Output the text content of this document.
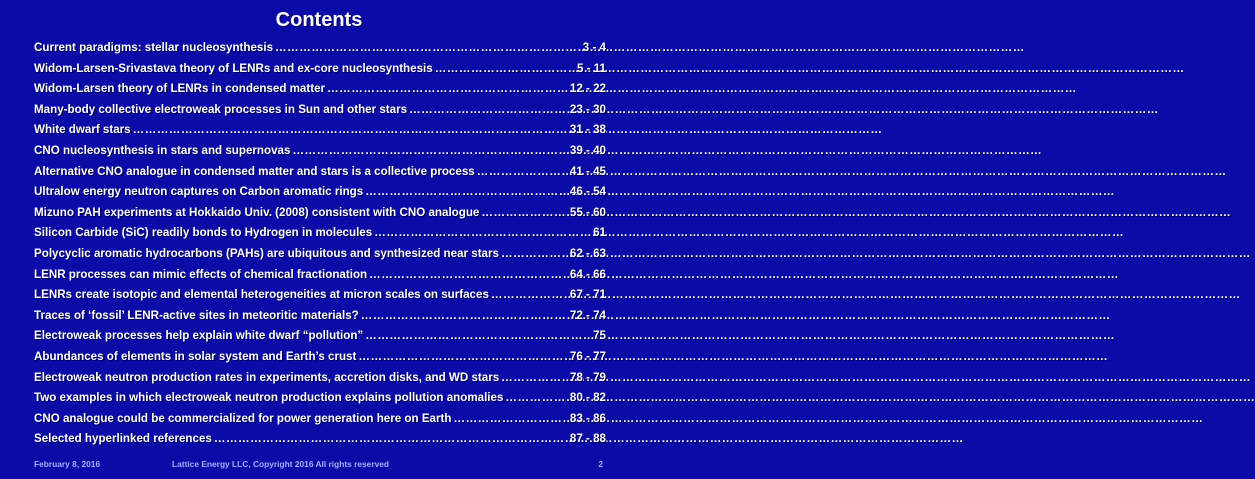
Contents
Current paradigms: stellar nucleosynthesis ……………………………………………………………………………………………………………………………………………………………………	3 - 4
Widom-Larsen-Srivastava theory of LENRs and ex-core nucleosynthesis ……………………………………………………………………………………………………………………………………………………………………	5 - 11
Widom-Larsen theory of LENRs in condensed matter ……………………………………………………………………………………………………………………………………………………………………	12 - 22
Many-body collective electroweak processes in Sun and other stars ……………………………………………………………………………………………………………………………………………………………………	23 - 30
White dwarf stars ……………………………………………………………………………………………………………………………………………………………………	31 - 38
CNO nucleosynthesis in stars and supernovas ……………………………………………………………………………………………………………………………………………………………………	39 - 40
Alternative CNO analogue in condensed matter and stars is a collective process ……………………………………………………………………………………………………………………………………………………………………	41 - 45
Ultralow energy neutron captures on Carbon aromatic rings ……………………………………………………………………………………………………………………………………………………………………	46 - 54
Mizuno PAH experiments at Hokkaido Univ. (2008) consistent with CNO analogue ……………………………………………………………………………………………………………………………………………………………………	55 - 60
Silicon Carbide (SiC) readily bonds to Hydrogen in molecules ……………………………………………………………………………………………………………………………………………………………………	61
Polycyclic aromatic hydrocarbons (PAHs) are ubiquitous and synthesized near stars ……………………………………………………………………………………………………………………………………………………………………	62 - 63
LENR processes can mimic effects of chemical fractionation ……………………………………………………………………………………………………………………………………………………………………	64 - 66
LENRs create isotopic and elemental heterogeneities at micron scales on surfaces ……………………………………………………………………………………………………………………………………………………………………	67 - 71
Traces of ‘fossil’ LENR-active sites in meteoritic materials? ……………………………………………………………………………………………………………………………………………………………………	72 - 74
Electroweak processes help explain white dwarf “pollution” ……………………………………………………………………………………………………………………………………………………………………	75
Abundances of elements in solar system and Earth’s crust ……………………………………………………………………………………………………………………………………………………………………	76 - 77
Electroweak neutron production rates in experiments, accretion disks, and WD stars ……………………………………………………………………………………………………………………………………………………………………	78 - 79
Two examples in which electroweak neutron production explains pollution anomalies ……………………………………………………………………………………………………………………………………………………………………	80 - 82
CNO analogue could be commercialized for power generation here on Earth ……………………………………………………………………………………………………………………………………………………………………	83 - 86
Selected hyperlinked references ……………………………………………………………………………………………………………………………………………………………………	87 - 88
February 8, 2016	Lattice Energy LLC, Copyright 2016 All rights reserved	2
